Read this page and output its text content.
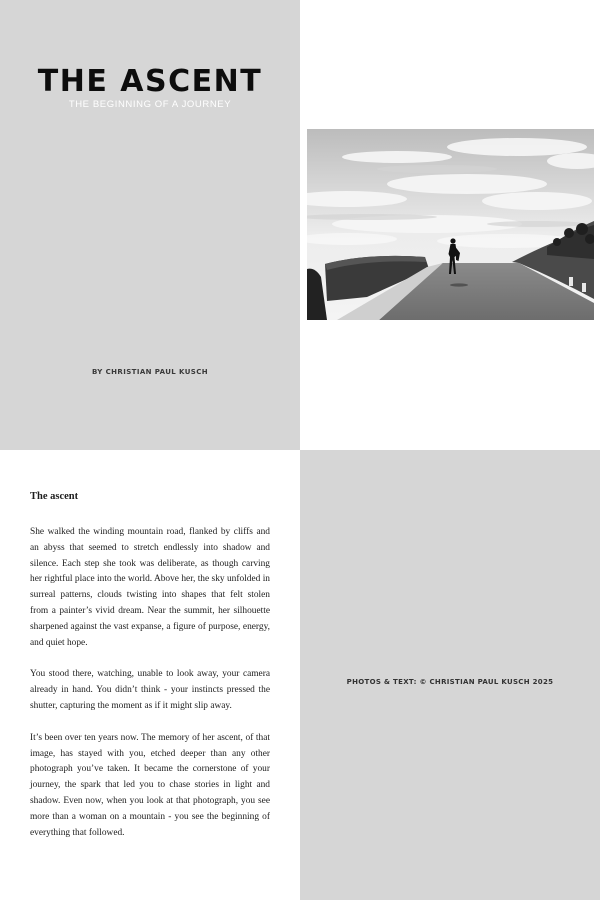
THE ASCENT

THE BEGINNING OF A JOURNEY

BY CHRISTIAN PAUL KUSCH

The ascent

She walked the winding mountain road, flanked by cliffs and an abyss that seemed to stretch endlessly into shadow and silence. Each step she took was deliberate, as though carving her rightful place into the world. Above her, the sky unfolded in surreal patterns, clouds twisting into shapes that felt stolen from a painter’s vivid dream. Near the summit, her silhouette sharpened against the vast expanse, a figure of purpose, energy, and quiet hope.

You stood there, watching, unable to look away, your camera already in hand. You didn’t think - your instincts pressed the shutter, capturing the moment as if it might slip away.

It’s been over ten years now. The memory of her ascent, of that image, has stayed with you, etched deeper than any other photograph you’ve taken. It became the cornerstone of your journey, the spark that led you to chase stories in light and shadow. Even now, when you look at that photograph, you see more than a woman on a mountain - you see the beginning of everything that followed.

PHOTOS & TEXT: © CHRISTIAN PAUL KUSCH 2025
